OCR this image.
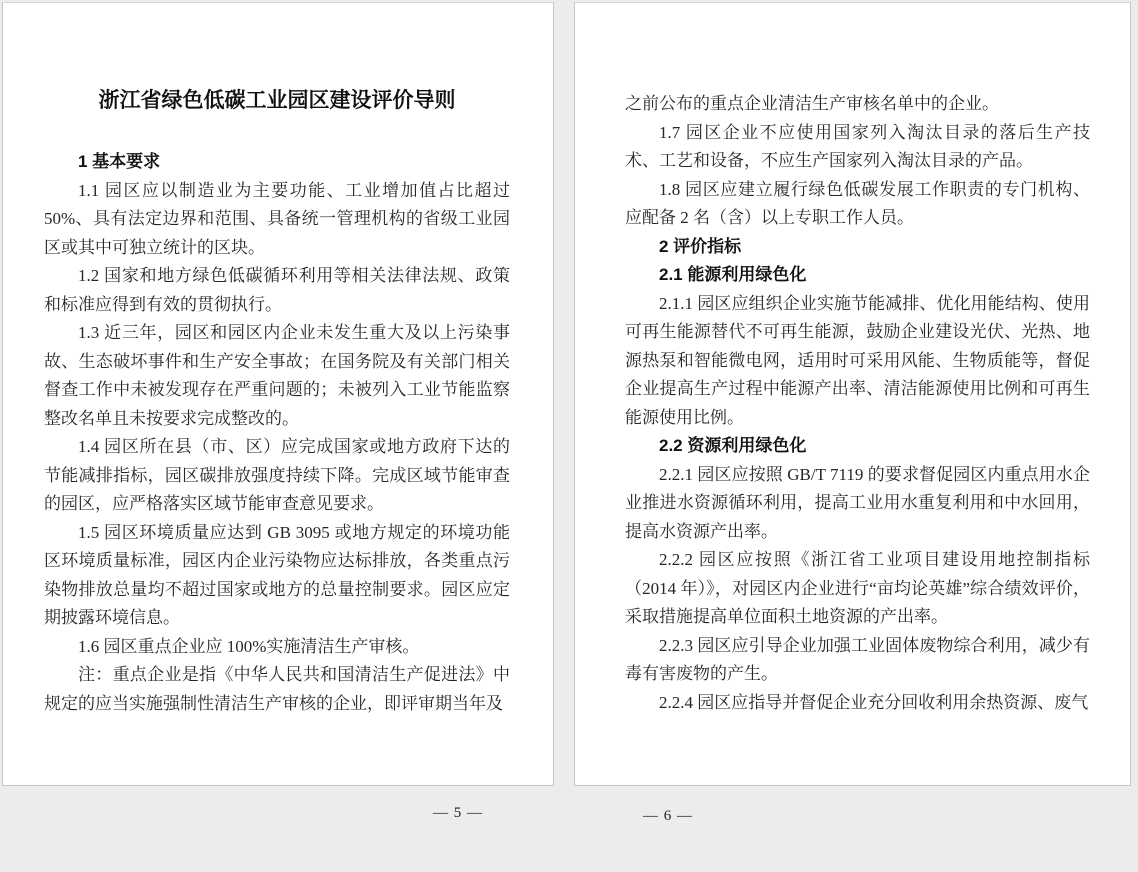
浙江省绿色低碳工业园区建设评价导则

1 基本要求

1.1 园区应以制造业为主要功能、工业增加值占比超过50%、具有法定边界和范围、具备统一管理机构的省级工业园区或其中可独立统计的区块。

1.2 国家和地方绿色低碳循环利用等相关法律法规、政策和标准应得到有效的贯彻执行。

1.3 近三年，园区和园区内企业未发生重大及以上污染事故、生态破坏事件和生产安全事故；在国务院及有关部门相关督查工作中未被发现存在严重问题的；未被列入工业节能监察整改名单且未按要求完成整改的。

1.4 园区所在县（市、区）应完成国家或地方政府下达的节能减排指标，园区碳排放强度持续下降。完成区域节能审查的园区，应严格落实区域节能审查意见要求。

1.5 园区环境质量应达到 GB 3095 或地方规定的环境功能区环境质量标准，园区内企业污染物应达标排放，各类重点污染物排放总量均不超过国家或地方的总量控制要求。园区应定期披露环境信息。

1.6 园区重点企业应 100%实施清洁生产审核。

注：重点企业是指《中华人民共和国清洁生产促进法》中规定的应当实施强制性清洁生产审核的企业，即评审期当年及

— 5 —

之前公布的重点企业清洁生产审核名单中的企业。

1.7 园区企业不应使用国家列入淘汰目录的落后生产技术、工艺和设备，不应生产国家列入淘汰目录的产品。

1.8 园区应建立履行绿色低碳发展工作职责的专门机构、应配备 2 名（含）以上专职工作人员。

2 评价指标

2.1 能源利用绿色化

2.1.1 园区应组织企业实施节能减排、优化用能结构、使用可再生能源替代不可再生能源，鼓励企业建设光伏、光热、地源热泵和智能微电网，适用时可采用风能、生物质能等，督促企业提高生产过程中能源产出率、清洁能源使用比例和可再生能源使用比例。

2.2 资源利用绿色化

2.2.1 园区应按照 GB/T 7119 的要求督促园区内重点用水企业推进水资源循环利用，提高工业用水重复利用和中水回用，提高水资源产出率。

2.2.2 园区应按照《浙江省工业项目建设用地控制指标（2014 年）》，对园区内企业进行“亩均论英雄”综合绩效评价，采取措施提高单位面积土地资源的产出率。

2.2.3 园区应引导企业加强工业固体废物综合利用，减少有毒有害废物的产生。

2.2.4 园区应指导并督促企业充分回收利用余热资源、废气

— 6 —
